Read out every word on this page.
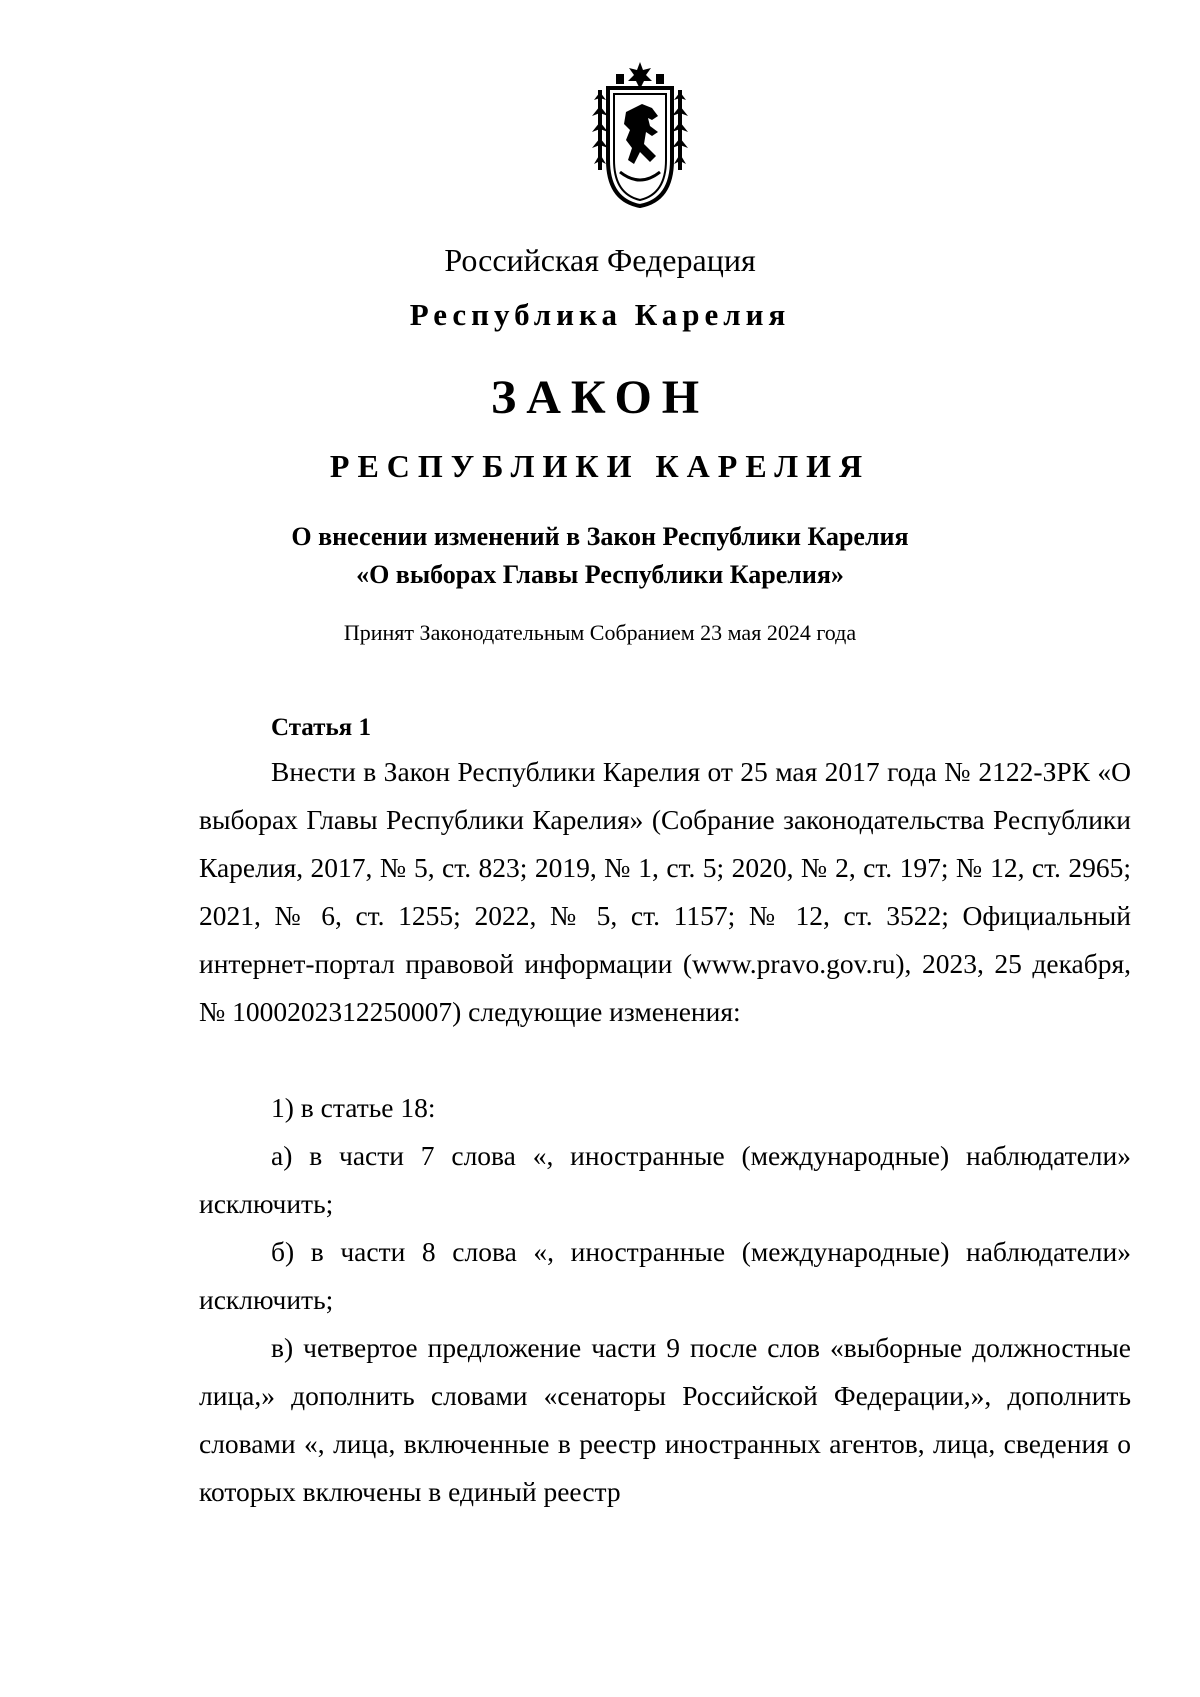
Российская Федерация
Республика Карелия
ЗАКОН
РЕСПУБЛИКИ КАРЕЛИЯ
О внесении изменений в Закон Республики Карелия
«О выборах Главы Республики Карелия»
Принят Законодательным Собранием 23 мая 2024 года
Статья 1

Внести в Закон Республики Карелия от 25 мая 2017 года № 2122-ЗРК «О выборах Главы Республики Карелия» (Собрание законодательства Республики Карелия, 2017, № 5, ст. 823; 2019, № 1, ст. 5; 2020, № 2, ст. 197; № 12, ст. 2965; 2021, № 6, ст. 1255; 2022, № 5, ст. 1157; № 12, ст. 3522; Официальный интернет-портал правовой информации (www.pravo.gov.ru), 2023, 25 декабря, № 1000202312250007) следующие изменения:

1) в статье 18:

а) в части 7 слова «, иностранные (международные) наблюдатели» исключить;

б) в части 8 слова «, иностранные (международные) наблюдатели» исключить;

в) четвертое предложение части 9 после слов «выборные должностные лица,» дополнить словами «сенаторы Российской Федерации,», дополнить словами «, лица, включенные в реестр иностранных агентов, лица, сведения о которых включены в единый реестр
